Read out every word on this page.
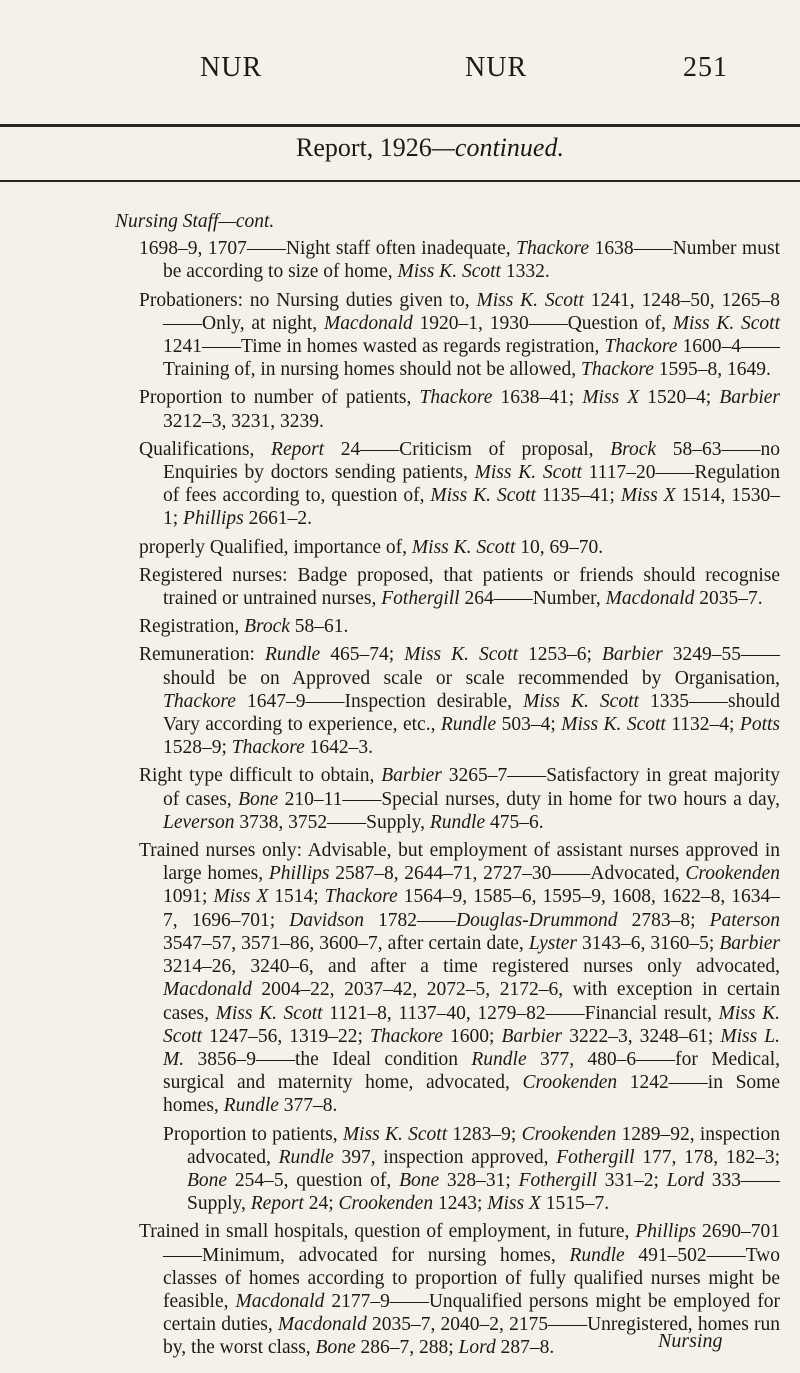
NUR	NUR	251
Report, 1926—continued.
Nursing Staff—cont.
1698–9, 1707——Night staff often inadequate, Thackore 1638——Number must be according to size of home, Miss K. Scott 1332.
Probationers: no Nursing duties given to, Miss K. Scott 1241, 1248–50, 1265–8——Only, at night, Macdonald 1920–1, 1930——Question of, Miss K. Scott 1241——Time in homes wasted as regards registration, Thackore 1600–4——Training of, in nursing homes should not be allowed, Thackore 1595–8, 1649.
Proportion to number of patients, Thackore 1638–41; Miss X 1520–4; Barbier 3212–3, 3231, 3239.
Qualifications, Report 24——Criticism of proposal, Brock 58–63——no Enquiries by doctors sending patients, Miss K. Scott 1117–20——Regulation of fees according to, question of, Miss K. Scott 1135–41; Miss X 1514, 1530–1; Phillips 2661–2.
properly Qualified, importance of, Miss K. Scott 10, 69–70.
Registered nurses: Badge proposed, that patients or friends should recognise trained or untrained nurses, Fothergill 264——Number, Macdonald 2035–7.
Registration, Brock 58–61.
Remuneration: Rundle 465–74; Miss K. Scott 1253–6; Barbier 3249–55——should be on Approved scale or scale recommended by Organisation, Thackore 1647–9——Inspection desirable, Miss K. Scott 1335——should Vary according to experience, etc., Rundle 503–4; Miss K. Scott 1132–4; Potts 1528–9; Thackore 1642–3.
Right type difficult to obtain, Barbier 3265–7——Satisfactory in great majority of cases, Bone 210–11——Special nurses, duty in home for two hours a day, Leverson 3738, 3752——Supply, Rundle 475–6.
Trained nurses only: Advisable, but employment of assistant nurses approved in large homes, Phillips 2587–8, 2644–71, 2727–30——Advocated, Crookenden 1091; Miss X 1514; Thackore 1564–9, 1585–6, 1595–9, 1608, 1622–8, 1634–7, 1696–701; Davidson 1782——Douglas-Drummond 2783–8; Paterson 3547–57, 3571–86, 3600–7, after certain date, Lyster 3143–6, 3160–5; Barbier 3214–26, 3240–6, and after a time registered nurses only advocated, Macdonald 2004–22, 2037–42, 2072–5, 2172–6, with exception in certain cases, Miss K. Scott 1121–8, 1137–40, 1279–82——Financial result, Miss K. Scott 1247–56, 1319–22; Thackore 1600; Barbier 3222–3, 3248–61; Miss L. M. 3856–9——the Ideal condition Rundle 377, 480–6——for Medical, surgical and maternity home, advocated, Crookenden 1242——in Some homes, Rundle 377–8.
Proportion to patients, Miss K. Scott 1283–9; Crookenden 1289–92, inspection advocated, Rundle 397, inspection approved, Fothergill 177, 178, 182–3; Bone 254–5, question of, Bone 328–31; Fothergill 331–2; Lord 333——Supply, Report 24; Crookenden 1243; Miss X 1515–7.
Trained in small hospitals, question of employment, in future, Phillips 2690–701——Minimum, advocated for nursing homes, Rundle 491–502——Two classes of homes according to proportion of fully qualified nurses might be feasible, Macdonald 2177–9——Unqualified persons might be employed for certain duties, Macdonald 2035–7, 2040–2, 2175——Unregistered, homes run by, the worst class, Bone 286–7, 288; Lord 287–8.	Nursing
